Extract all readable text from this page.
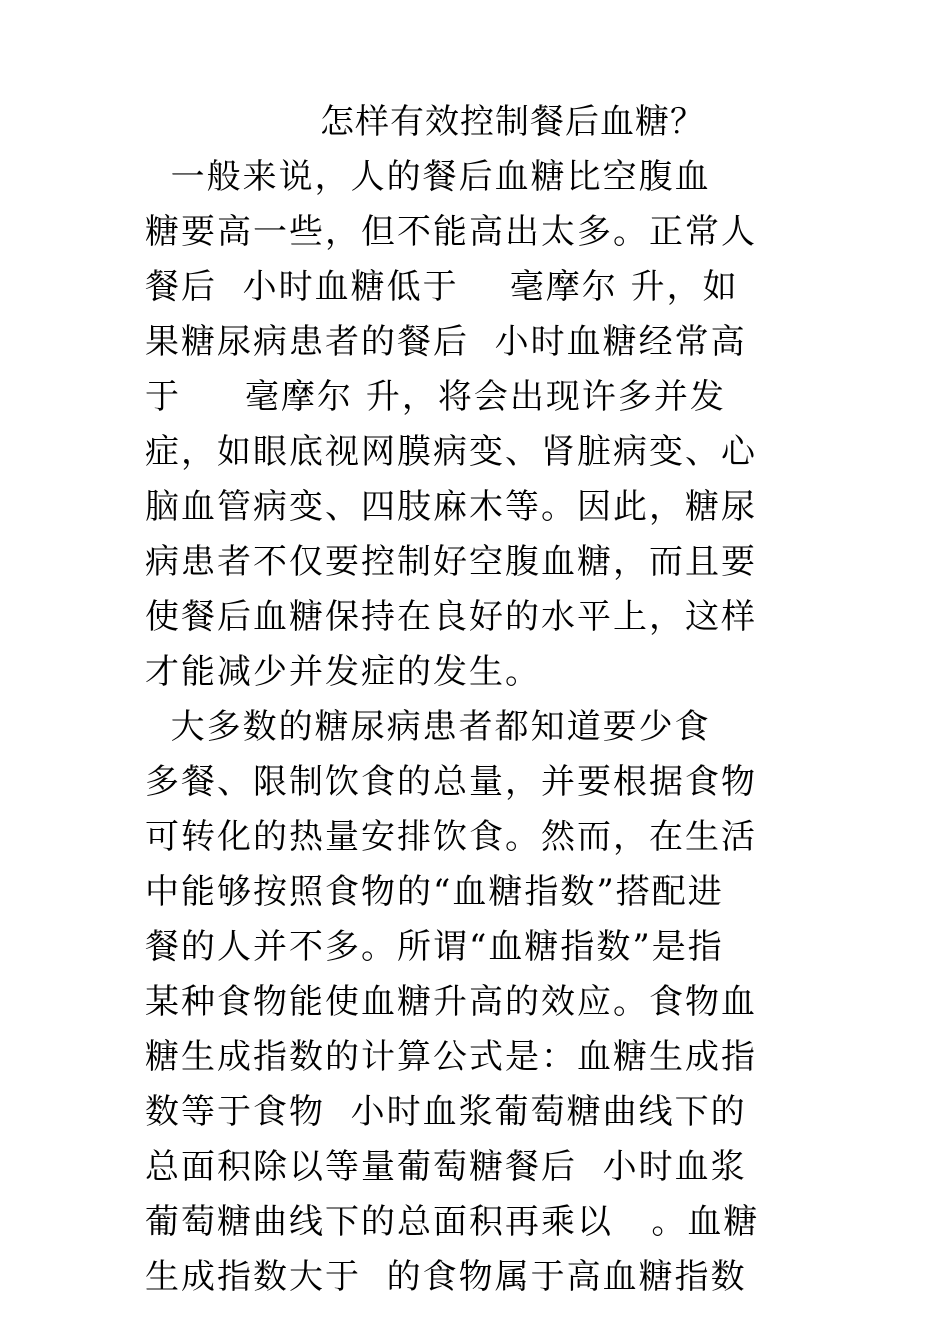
怎样有效控制餐后血糖？
一般来说，人的餐后血糖比空腹血
糖要高一些，但不能高出太多。正常人
餐后  小时血糖低于    毫摩尔 升，如
果糖尿病患者的餐后  小时血糖经常高
于     毫摩尔 升，将会出现许多并发
症，如眼底视网膜病变、肾脏病变、心
脑血管病变、四肢麻木等。因此，糖尿
病患者不仅要控制好空腹血糖，而且要
使餐后血糖保持在良好的水平上，这样
才能减少并发症的发生。
大多数的糖尿病患者都知道要少食
多餐、限制饮食的总量，并要根据食物
可转化的热量安排饮食。然而，在生活
中能够按照食物的“血糖指数”搭配进
餐的人并不多。所谓“血糖指数”是指
某种食物能使血糖升高的效应。食物血
糖生成指数的计算公式是：血糖生成指
数等于食物  小时血浆葡萄糖曲线下的
总面积除以等量葡萄糖餐后  小时血浆
葡萄糖曲线下的总面积再乘以   。血糖
生成指数大于  的食物属于高血糖指数
